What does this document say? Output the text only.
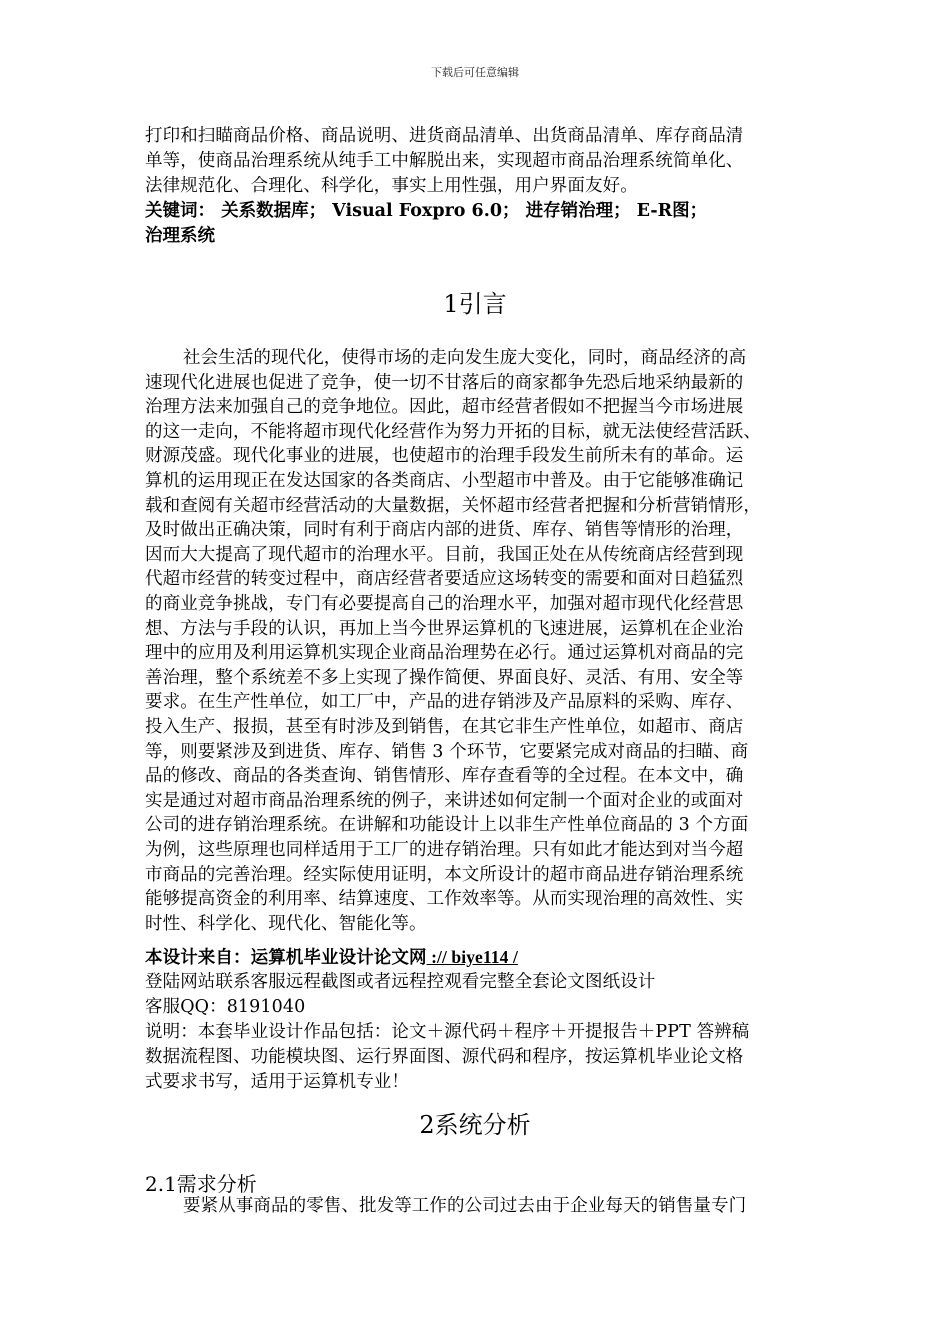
下载后可任意编辑
打印和扫瞄商品价格、商品说明、进货商品清单、出货商品清单、库存商品清
单等，使商品治理系统从纯手工中解脱出来，实现超市商品治理系统简单化、
法律规范化、合理化、科学化，事实上用性强，用户界面友好。
关键词： 关系数据库； Visual Foxpro 6.0； 进存销治理； E-R图；
治理系统
1引言
社会生活的现代化，使得市场的走向发生庞大变化，同时，商品经济的高
速现代化进展也促进了竞争，使一切不甘落后的商家都争先恐后地采纳最新的
治理方法来加强自己的竞争地位。因此，超市经营者假如不把握当今市场进展
的这一走向，不能将超市现代化经营作为努力开拓的目标，就无法使经营活跃、
财源茂盛。现代化事业的进展，也使超市的治理手段发生前所未有的革命。运
算机的运用现正在发达国家的各类商店、小型超市中普及。由于它能够准确记
载和查阅有关超市经营活动的大量数据，关怀超市经营者把握和分析营销情形，
及时做出正确决策，同时有利于商店内部的进货、库存、销售等情形的治理，
因而大大提高了现代超市的治理水平。目前，我国正处在从传统商店经营到现
代超市经营的转变过程中，商店经营者要适应这场转变的需要和面对日趋猛烈
的商业竞争挑战，专门有必要提高自己的治理水平，加强对超市现代化经营思
想、方法与手段的认识，再加上当今世界运算机的飞速进展，运算机在企业治
理中的应用及利用运算机实现企业商品治理势在必行。通过运算机对商品的完
善治理，整个系统差不多上实现了操作简便、界面良好、灵活、有用、安全等
要求。在生产性单位，如工厂中，产品的进存销涉及产品原料的采购、库存、
投入生产、报损，甚至有时涉及到销售，在其它非生产性单位，如超市、商店
等，则要紧涉及到进货、库存、销售 3 个环节，它要紧完成对商品的扫瞄、商
品的修改、商品的各类查询、销售情形、库存查看等的全过程。在本文中，确
实是通过对超市商品治理系统的例子，来讲述如何定制一个面对企业的或面对
公司的进存销治理系统。在讲解和功能设计上以非生产性单位商品的 3 个方面
为例，这些原理也同样适用于工厂的进存销治理。只有如此才能达到对当今超
市商品的完善治理。经实际使用证明，本文所设计的超市商品进存销治理系统
能够提高资金的利用率、结算速度、工作效率等。从而实现治理的高效性、实
时性、科学化、现代化、智能化等。
本设计来自：运算机毕业设计论文网 :// biye114 /
登陆网站联系客服远程截图或者远程控观看完整全套论文图纸设计
客服QQ：8191040
说明：本套毕业设计作品包括：论文＋源代码＋程序＋开提报告＋PPT 答辨稿
数据流程图、功能模块图、运行界面图、源代码和程序，按运算机毕业论文格
式要求书写，适用于运算机专业！
2系统分析
2.1需求分析
要紧从事商品的零售、批发等工作的公司过去由于企业每天的销售量专门
